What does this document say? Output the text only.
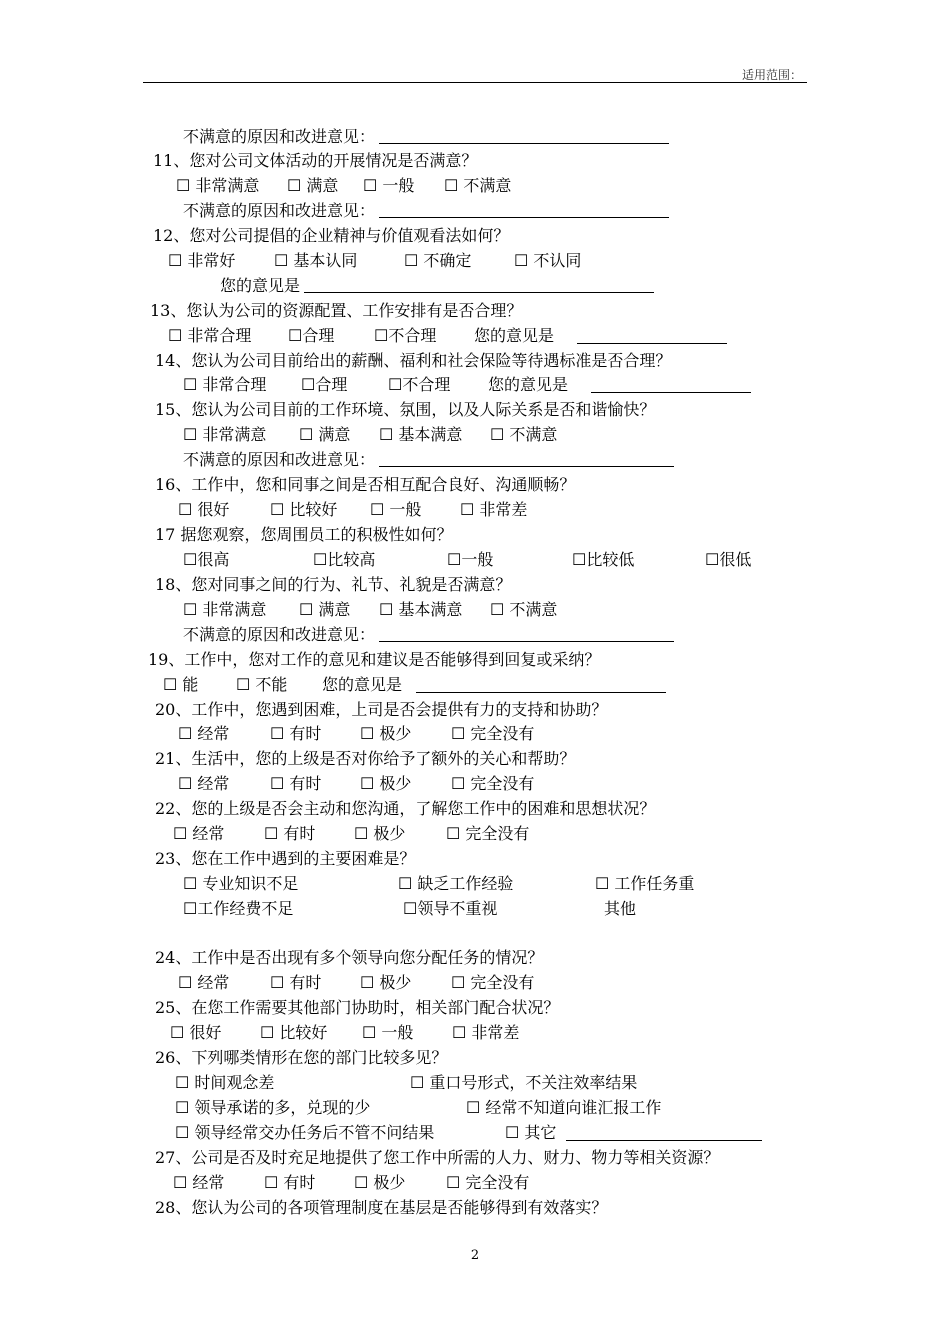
适用范围：
不满意的原因和改进意见：
11、您对公司文体活动的开展情况是否满意？
☐ 非常满意 ☐ 满意 ☐ 一般 ☐ 不满意
不满意的原因和改进意见：
12、您对公司提倡的企业精神与价值观看法如何？
☐ 非常好 ☐ 基本认同	☐ 不确定	☐ 不认同
您的意见是
13、您认为公司的资源配置、工作安排有是否合理？
☐ 非常合理 ☐合理 ☐不合理 您的意见是
14、您认为公司目前给出的薪酬、福利和社会保险等待遇标准是否合理？
☐ 非常合理 ☐合理	☐不合理 您的意见是
15、您认为公司目前的工作环境、氛围，以及人际关系是否和谐愉快？
☐ 非常满意 ☐ 满意 ☐ 基本满意 ☐ 不满意
不满意的原因和改进意见：
16、工作中，您和同事之间是否相互配合良好、沟通顺畅？
☐ 很好	☐ 比较好 ☐ 一般 ☐ 非常差
17 据您观察，您周围员工的积极性如何？
☐很高	☐比较高	☐一般	☐比较低	☐很低
18、您对同事之间的行为、礼节、礼貌是否满意？
☐ 非常满意 ☐ 满意 ☐ 基本满意 ☐ 不满意
不满意的原因和改进意见：
19、工作中，您对工作的意见和建议是否能够得到回复或采纳？
☐ 能 ☐ 不能 您的意见是
20、工作中，您遇到困难，上司是否会提供有力的支持和协助？
☐ 经常	☐ 有时 ☐ 极少 ☐ 完全没有
21、生活中，您的上级是否对你给予了额外的关心和帮助？
☐ 经常	☐ 有时 ☐ 极少 ☐ 完全没有
22、您的上级是否会主动和您沟通，了解您工作中的困难和思想状况？
☐ 经常 ☐ 有时 ☐ 极少	☐ 完全没有
23、您在工作中遇到的主要困难是？
☐ 专业知识不足	☐ 缺乏工作经验	☐ 工作任务重
☐工作经费不足	☐领导不重视	其他
24、工作中是否出现有多个领导向您分配任务的情况？
☐ 经常	☐ 有时 ☐ 极少 ☐ 完全没有
25、在您工作需要其他部门协助时，相关部门配合状况？
☐ 很好 ☐ 比较好 ☐ 一般 ☐ 非常差
26、下列哪类情形在您的部门比较多见？
☐ 时间观念差	☐ 重口号形式，不关注效率结果
☐ 领导承诺的多，兑现的少	☐ 经常不知道向谁汇报工作
☐ 领导经常交办任务后不管不问结果	☐ 其它
27、公司是否及时充足地提供了您工作中所需的人力、财力、物力等相关资源？
☐ 经常 ☐ 有时 ☐ 极少	☐ 完全没有
28、您认为公司的各项管理制度在基层是否能够得到有效落实？
2
